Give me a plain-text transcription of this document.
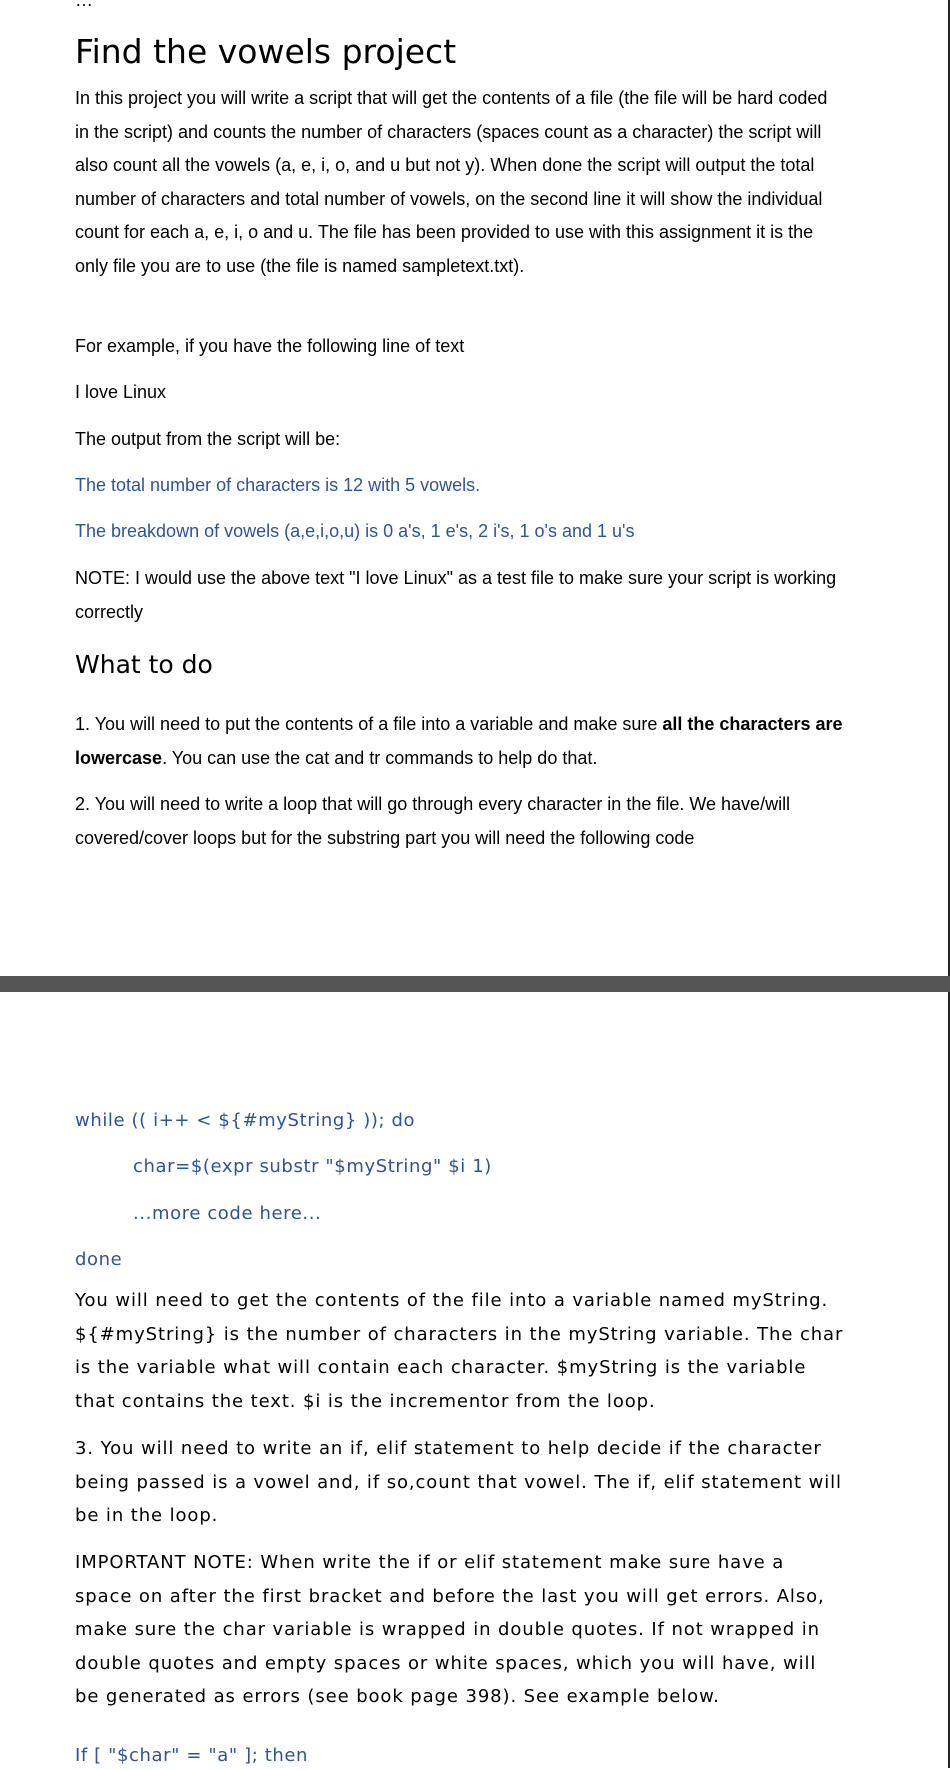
…
Find the vowels project

In this project you will write a script that will get the contents of a file (the file will be hard coded in the script) and counts the number of characters (spaces count as a character) the script will also count all the vowels (a, e, i, o, and u but not y). When done the script will output the total number of characters and total number of vowels, on the second line it will show the individual count for each a, e, i, o and u. The file has been provided to use with this assignment it is the only file you are to use (the file is named sampletext.txt).

For example, if you have the following line of text

I love Linux

The output from the script will be:

The total number of characters is 12 with 5 vowels.

The breakdown of vowels (a,e,i,o,u) is 0 a's, 1 e's, 2 i's, 1 o's and 1 u's

NOTE: I would use the above text "I love Linux" as a test file to make sure your script is working correctly

What to do

1. You will need to put the contents of a file into a variable and make sure all the characters are lowercase. You can use the cat and tr commands to help do that.

2. You will need to write a loop that will go through every character in the file. We have/will covered/cover loops but for the substring part you will need the following code

while (( i++ < ${#myString} )); do
char=$(expr substr "$myString" $i 1)
...more code here...
done

You will need to get the contents of the file into a variable named myString. ${#myString} is the number of characters in the myString variable. The char is the variable what will contain each character. $myString is the variable that contains the text. $i is the incrementor from the loop.

3. You will need to write an if, elif statement to help decide if the character being passed is a vowel and, if so,count that vowel. The if, elif statement will be in the loop.

IMPORTANT NOTE: When write the if or elif statement make sure have a space on after the first bracket and before the last you will get errors. Also, make sure the char variable is wrapped in double quotes. If not wrapped in double quotes and empty spaces or white spaces, which you will have, will be generated as errors (see book page 398). See example below.

If [ "$char" = "a" ]; then
